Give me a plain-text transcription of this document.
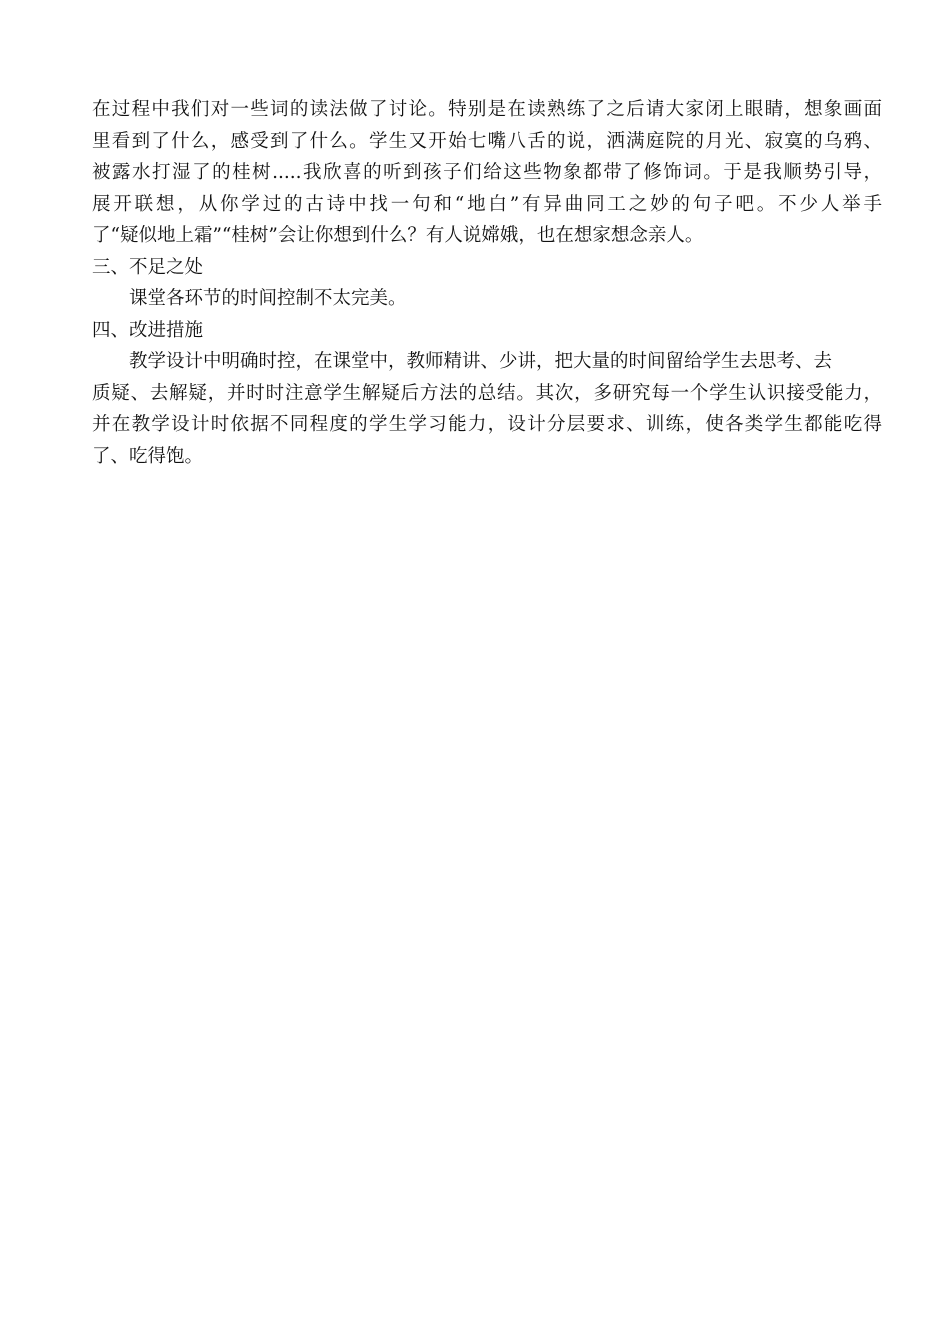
在过程中我们对一些词的读法做了讨论。特别是在读熟练了之后请大家闭上眼睛，想象画面
里看到了什么，感受到了什么。学生又开始七嘴八舌的说，洒满庭院的月光、寂寞的乌鸦、
被露水打湿了的桂树.....我欣喜的听到孩子们给这些物象都带了修饰词。于是我顺势引导，
展开联想，从你学过的古诗中找一句和“地白”有异曲同工之妙的句子吧。不少人举手
了“疑似地上霜”“桂树”会让你想到什么？有人说嫦娥，也在想家想念亲人。
三、不足之处
课堂各环节的时间控制不太完美。
四、改进措施
教学设计中明确时控，在课堂中，教师精讲、少讲，把大量的时间留给学生去思考、去
质疑、去解疑，并时时注意学生解疑后方法的总结。其次，多研究每一个学生认识接受能力，
并在教学设计时依据不同程度的学生学习能力，设计分层要求、训练，使各类学生都能吃得
了、吃得饱。
